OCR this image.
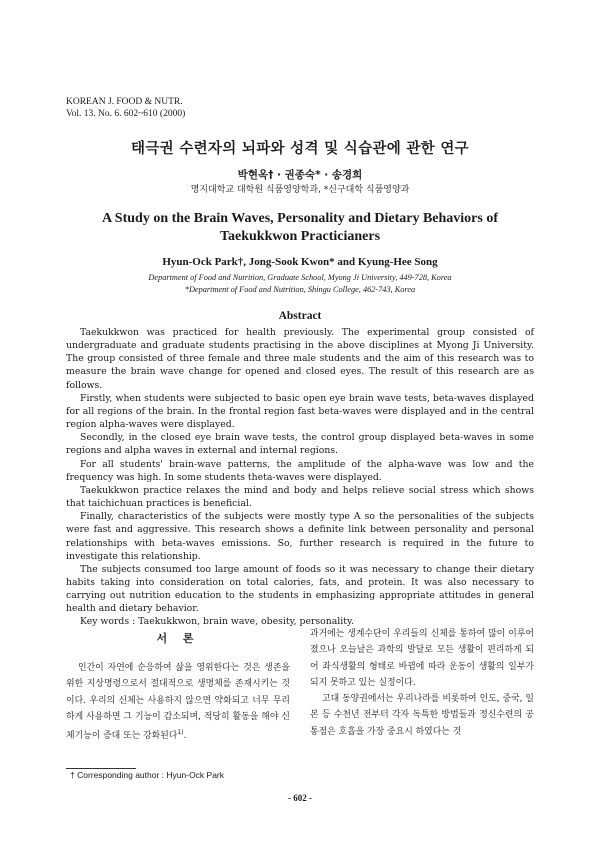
KOREAN J. FOOD & NUTR.
Vol. 13. No. 6. 602~610 (2000)
태극권 수련자의 뇌파와 성격 및 식습관에 관한 연구
박현옥† · 권종숙* · 송경희
명지대학교 대학원 식품영양학과, *신구대학 식품영양과
A Study on the Brain Waves, Personality and Dietary Behaviors of
Taekukkwon Practicianers
Hyun-Ock Park†, Jong-Sook Kwon* and Kyung-Hee Song
Department of Food and Nutrition, Graduate School, Myong Ji University, 449-728, Korea
*Department of Food and Nutrition, Shingu College, 462-743, Korea
Abstract

Taekukkwon was practiced for health previously. The experimental group consisted of undergraduate and graduate students practising in the above disciplines at Myong Ji University. The group consisted of three female and three male students and the aim of this research was to measure the brain wave change for opened and closed eyes. The result of this research are as follows.

Firstly, when students were subjected to basic open eye brain wave tests, beta-waves displayed for all regions of the brain. In the frontal region fast beta-waves were displayed and in the central region alpha-waves were displayed.

Secondly, in the closed eye brain wave tests, the control group displayed beta-waves in some regions and alpha waves in external and internal regions.

For all students' brain-wave patterns, the amplitude of the alpha-wave was low and the frequency was high. In some students theta-waves were displayed.

Taekukkwon practice relaxes the mind and body and helps relieve social stress which shows that taichichuan practices is beneficial.

Finally, characteristics of the subjects were mostly type A so the personalities of the subjects were fast and aggressive. This research shows a definite link between personality and personal relationships with beta-waves emissions. So, further research is required in the future to investigate this relationship.

The subjects consumed too large amount of foods so it was necessary to change their dietary habits taking into consideration on total calories, fats, and protein. It was also necessary to carrying out nutrition education to the students in emphasizing appropriate attitudes in general health and dietary behavior.

Key words : Taekukkwon, brain wave, obesity, personality.

서 론

인간이 자연에 순응하여 삶을 영위한다는 것은 생존을 위한 지상명령으로서 절대적으로 생명체를 존재시키는 것이다. 우리의 신체는 사용하지 않으면 약화되고 너무 무리하게 사용하면 그 기능이 감소되며, 적당히 활동을 해야 신체기능이 증대 또는 강화된다$^{1)}$.

과거에는 생계수단이 우리들의 신체를 통하여 많이 이루어졌으나 오늘날은 과학의 발달로 모든 생활이 편리하게 되어 좌식생활의 형태로 바뀜에 따라 운동이 생활의 일부가 되지 못하고 있는 실정이다.

고대 동양권에서는 우리나라를 비롯하여 인도, 중국, 일본 등 수천년 전부터 각자 독특한 방법들과 정신수련의 공통점은 호흡을 가장 중요시 하였다는 것

† Corresponding author : Hyun-Ock Park
- 602 -
